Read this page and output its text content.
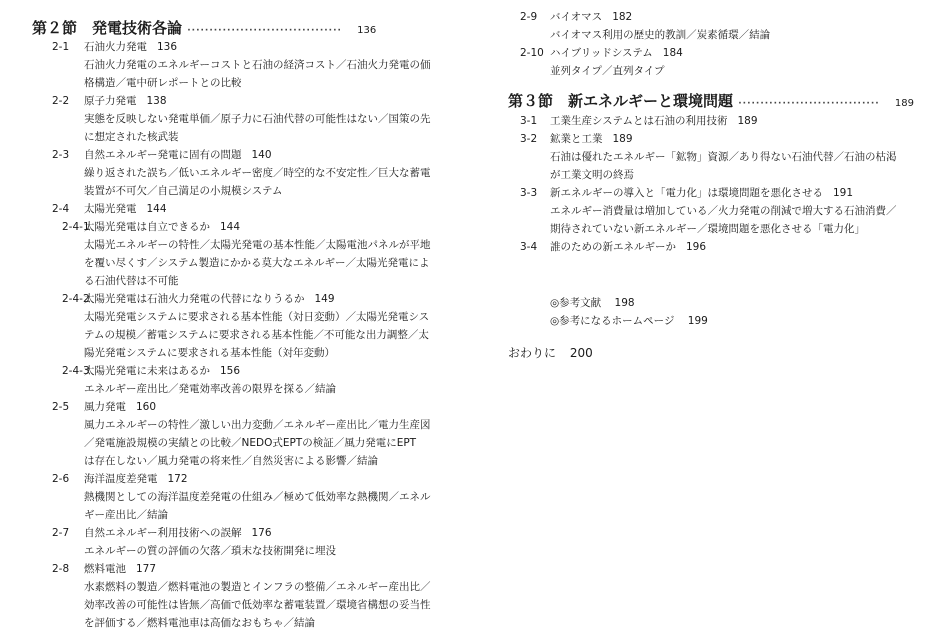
第２節　発電技術各論 ··································· 136
2-1 石油火力発電 136
石油火力発電のエネルギーコストと石油の経済コスト／石油火力発電の価
格構造／電中研レポートとの比較
2-2 原子力発電 138
実態を反映しない発電単価／原子力に石油代替の可能性はない／国策の先
に想定された核武装
2-3 自然エネルギー発電に固有の問題 140
繰り返された誤ち／低いエネルギー密度／時空的な不安定性／巨大な蓄電
装置が不可欠／自己満足の小規模システム
2-4 太陽光発電 144
2-4-1太陽光発電は自立できるか 144
太陽光エネルギーの特性／太陽光発電の基本性能／太陽電池パネルが平地
を覆い尽くす／システム製造にかかる莫大なエネルギー／太陽光発電によ
る石油代替は不可能
2-4-2太陽光発電は石油火力発電の代替になりうるか 149
太陽光発電システムに要求される基本性能（対日変動）／太陽光発電シス
テムの規模／蓄電システムに要求される基本性能／不可能な出力調整／太
陽光発電システムに要求される基本性能（対年変動）
2-4-3太陽光発電に未来はあるか 156
エネルギー産出比／発電効率改善の限界を探る／結論
2-5 風力発電 160
風力エネルギーの特性／激しい出力変動／エネルギー産出比／電力生産図
／発電施設規模の実績との比較／NEDO式EPTの検証／風力発電にEPT
は存在しない／風力発電の将来性／自然災害による影響／結論
2-6 海洋温度差発電 172
熱機関としての海洋温度差発電の仕組み／極めて低効率な熱機関／エネル
ギー産出比／結論
2-7 自然エネルギー利用技術への誤解 176
エネルギーの質の評価の欠落／瑣末な技術開発に埋没
2-8 燃料電池 177
水素燃料の製造／燃料電池の製造とインフラの整備／エネルギー産出比／
効率改善の可能性は皆無／高価で低効率な蓄電装置／環境省構想の妥当性
を評価する／燃料電池車は高価なおもちゃ／結論
2-9 バイオマス 182
バイオマス利用の歴史的教訓／炭素循環／結論
2-10 ハイブリッドシステム 184
並列タイプ／直列タイプ
第３節　新エネルギーと環境問題 ································ 189
3-1 工業生産システムとは石油の利用技術 189
3-2 鉱業と工業 189
石油は優れたエネルギー「鉱物」資源／あり得ない石油代替／石油の枯渇
が工業文明の終焉
3-3 新エネルギーの導入と「電力化」は環境問題を悪化させる 191
エネルギー消費量は増加している／火力発電の削減で増大する石油消費／
期待されていない新エネルギー／環境問題を悪化させる「電力化」
3-4 誰のための新エネルギーか 196
◎参考文献 198
◎参考になるホームページ 199
おわりに 200
